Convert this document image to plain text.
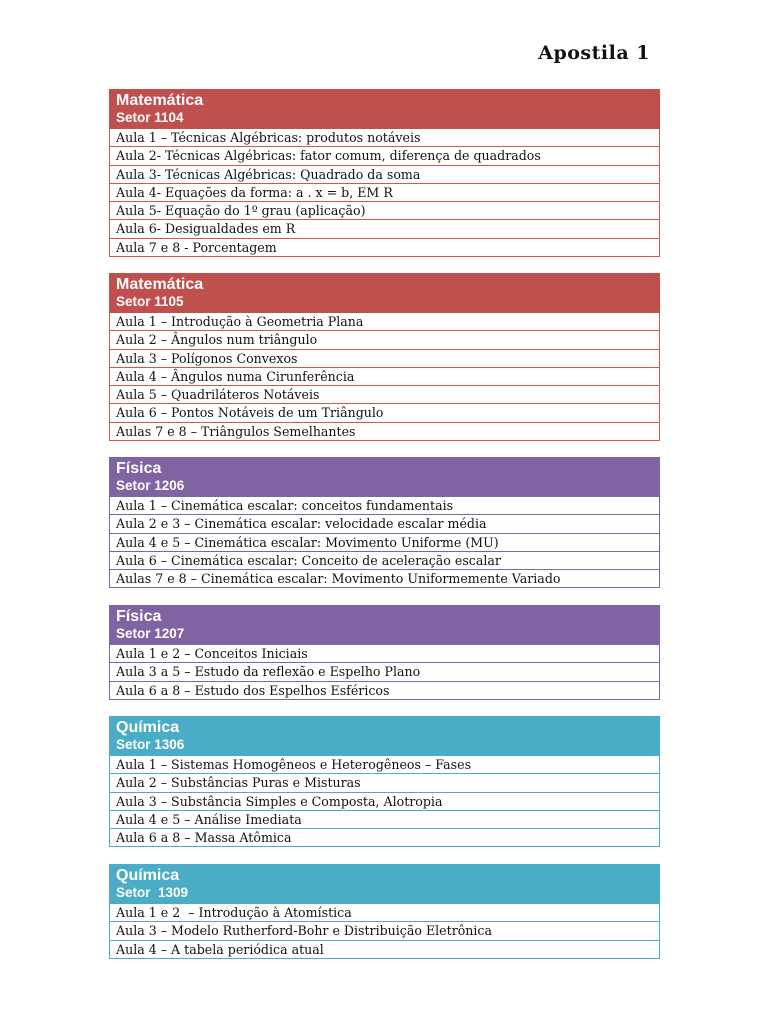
Apostila 1
Matemática
Setor 1104
Aula 1 – Técnicas Algébricas: produtos notáveis
Aula 2- Técnicas Algébricas: fator comum, diferença de quadrados
Aula 3- Técnicas Algébricas: Quadrado da soma
Aula 4- Equações da forma: a . x = b, EM R
Aula 5- Equação do 1º grau (aplicação)
Aula 6- Desigualdades em R
Aula 7 e 8 - Porcentagem
Matemática
Setor 1105
Aula 1 – Introdução à Geometria Plana
Aula 2 – Ângulos num triângulo
Aula 3 – Polígonos Convexos
Aula 4 – Ângulos numa Cirunferência
Aula 5 – Quadriláteros Notáveis
Aula 6 – Pontos Notáveis de um Triângulo
Aulas 7 e 8 – Triângulos Semelhantes
Física
Setor 1206
Aula 1 – Cinemática escalar: conceitos fundamentais
Aula 2 e 3 – Cinemática escalar: velocidade escalar média
Aula 4 e 5 – Cinemática escalar: Movimento Uniforme (MU)
Aula 6 – Cinemática escalar: Conceito de aceleração escalar
Aulas 7 e 8 – Cinemática escalar: Movimento Uniformemente Variado
Física
Setor 1207
Aula 1 e 2 – Conceitos Iniciais
Aula 3 a 5 – Estudo da reflexão e Espelho Plano
Aula 6 a 8 – Estudo dos Espelhos Esféricos
Química
Setor 1306
Aula 1 – Sistemas Homogêneos e Heterogêneos – Fases
Aula 2 – Substâncias Puras e Misturas
Aula 3 – Substância Simples e Composta, Alotropia
Aula 4 e 5 – Análise Imediata
Aula 6 a 8 – Massa Atômica
Química
Setor  1309
Aula 1 e 2  – Introdução à Atomística
Aula 3 – Modelo Rutherford-Bohr e Distribuição Eletrônica
Aula 4 – A tabela periódica atual
